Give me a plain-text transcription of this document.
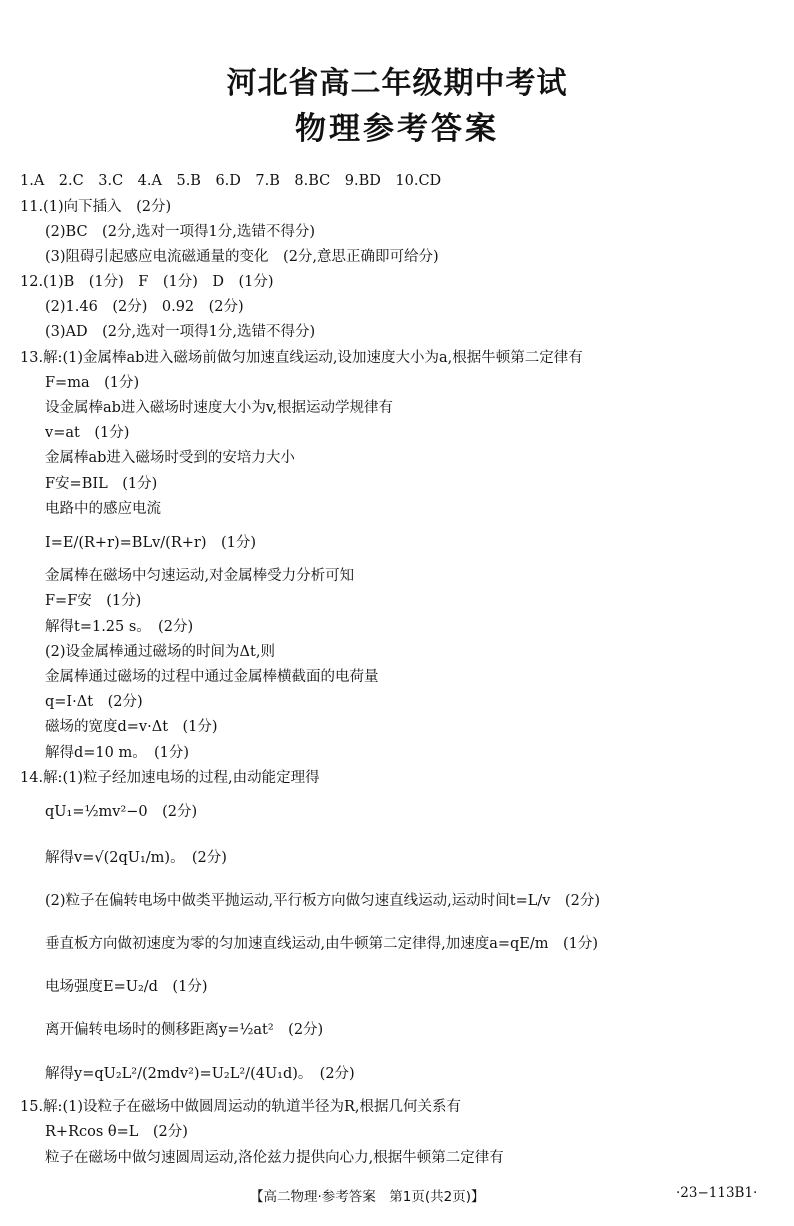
河北省高二年级期中考试
物理参考答案
1.A　2.C　3.C　4.A　5.B　6.D　7.B　8.BC　9.BD　10.CD
11.(1)向下插入　(2分)
(2)BC　(2分,选对一项得1分,选错不得分)
(3)阻碍引起感应电流磁通量的变化　(2分,意思正确即可给分)
12.(1)B　(1分)　F　(1分)　D　(1分)
(2)1.46　(2分)　0.92　(2分)
(3)AD　(2分,选对一项得1分,选错不得分)
13.解:(1)金属棒ab进入磁场前做匀加速直线运动,设加速度大小为a,根据牛顿第二定律有
F=ma　(1分)
设金属棒ab进入磁场时速度大小为v,根据运动学规律有
v=at　(1分)
金属棒ab进入磁场时受到的安培力大小
F安=BIL　(1分)
电路中的感应电流
I=E/(R+r)=BLv/(R+r)　(1分)
金属棒在磁场中匀速运动,对金属棒受力分析可知
F=F安　(1分)
解得t=1.25 s。　(2分)
(2)设金属棒通过磁场的时间为Δt,则
金属棒通过磁场的过程中通过金属棒横截面的电荷量
q=I·Δt　(2分)
磁场的宽度d=v·Δt　(1分)
解得d=10 m。　(1分)
14.解:(1)粒子经加速电场的过程,由动能定理得
qU₁=½mv²−0　(2分)
解得v=√(2qU₁/m)。　(2分)
(2)粒子在偏转电场中做类平抛运动,平行板方向做匀速直线运动,运动时间t=L/v　(2分)
垂直板方向做初速度为零的匀加速直线运动,由牛顿第二定律得,加速度a=qE/m　(1分)
电场强度E=U₂/d　(1分)
离开偏转电场时的侧移距离y=½at²　(2分)
解得y=qU₂L²/(2mdv²)=U₂L²/(4U₁d)。　(2分)
15.解:(1)设粒子在磁场中做圆周运动的轨道半径为R,根据几何关系有
R+Rcos θ=L　(2分)
粒子在磁场中做匀速圆周运动,洛伦兹力提供向心力,根据牛顿第二定律有
【高二物理·参考答案　第1页(共2页)】	·23−113B1·
